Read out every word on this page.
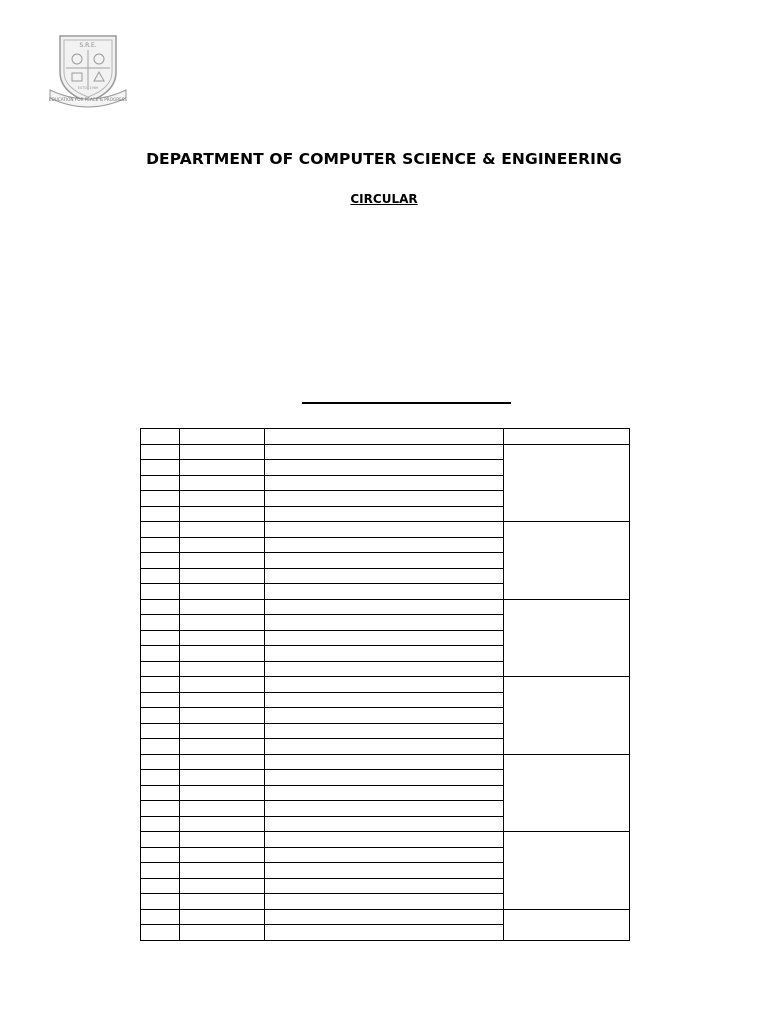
S.R.E.
EDUCATION FOR PEACE & PROGRESS
ESTD. 1969
DEPARTMENT OF COMPUTER SCIENCE & ENGINEERING
CIRCULAR
